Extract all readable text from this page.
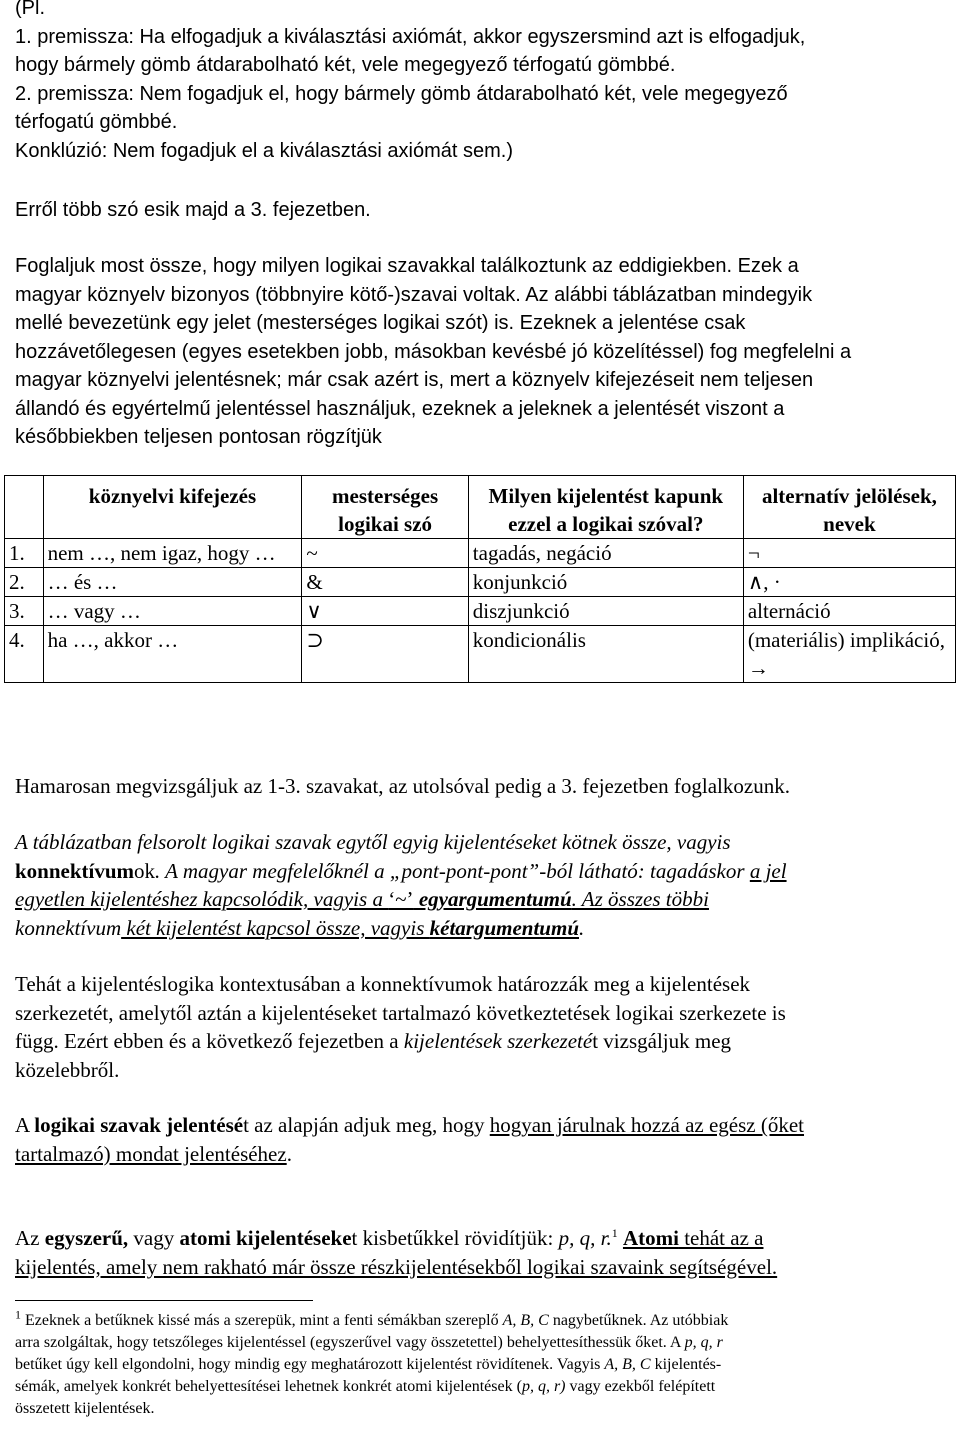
(Pl.
1. premissza: Ha elfogadjuk a kiválasztási axiómát, akkor egyszersmind azt is elfogadjuk,
hogy bármely gömb átdarabolható két, vele megegyező térfogatú gömbbé.
2. premissza: Nem fogadjuk el, hogy bármely gömb átdarabolható két, vele megegyező
térfogatú gömbbé.
Konklúzió: Nem fogadjuk el a kiválasztási axiómát sem.)
Erről több szó esik majd a 3. fejezetben.
Foglaljuk most össze, hogy milyen logikai szavakkal találkoztunk az eddigiekben. Ezek a
magyar köznyelv bizonyos (többnyire kötő-)szavai voltak. Az alábbi táblázatban mindegyik
mellé bevezetünk egy jelet (mesterséges logikai szót) is. Ezeknek a jelentése csak
hozzávetőlegesen (egyes esetekben jobb, másokban kevésbé jó közelítéssel) fog megfelelni a
magyar köznyelvi jelentésnek; már csak azért is, mert a köznyelv kifejezéseit nem teljesen
állandó és egyértelmű jelentéssel használjuk, ezeknek a jeleknek a jelentését viszont a
későbbiekben teljesen pontosan rögzítjük
	köznyelvi kifejezés	mesterséges logikai szó	Milyen kijelentést kapunk ezzel a logikai szóval?	alternatív jelölések, nevek
1.	nem …, nem igaz, hogy …	~	tagadás, negáció	¬
2.	… és …	&	konjunkció	∧, ·
3.	… vagy …	∨	diszjunkció	alternáció
4.	ha …, akkor …	⊃	kondicionális	(materiális) implikáció, →
Hamarosan megvizsgáljuk az 1-3. szavakat, az utolsóval pedig a 3. fejezetben foglalkozunk.
A táblázatban felsorolt logikai szavak egytől egyig kijelentéseket kötnek össze, vagyis
konnektívumok. A magyar megfelelőknél a „pont-pont-pont”-ból látható: tagadáskor a jel
egyetlen kijelentéshez kapcsolódik, vagyis a ‘~’ egyargumentumú. Az összes többi
konnektívum két kijelentést kapcsol össze, vagyis kétargumentumú.
Tehát a kijelentéslogika kontextusában a konnektívumok határozzák meg a kijelentések
szerkezetét, amelytől aztán a kijelentéseket tartalmazó következtetések logikai szerkezete is
függ. Ezért ebben és a következő fejezetben a kijelentések szerkezetét vizsgáljuk meg
közelebbről.
A logikai szavak jelentését az alapján adjuk meg, hogy hogyan járulnak hozzá az egész (őket
tartalmazó) mondat jelentéséhez.
Az egyszerű, vagy atomi kijelentéseket kisbetűkkel rövidítjük: p, q, r.$^1$ Atomi tehát az a
kijelentés, amely nem rakható már össze részkijelentésekből logikai szavaink segítségével.
$^1$ Ezeknek a betűknek kissé más a szerepük, mint a fenti sémákban szereplő A, B, C nagybetűknek. Az utóbbiak
arra szolgáltak, hogy tetszőleges kijelentéssel (egyszerűvel vagy összetettel) behelyettesíthessük őket. A p, q, r
betűket úgy kell elgondolni, hogy mindig egy meghatározott kijelentést rövidítenek. Vagyis A, B, C kijelentés-
sémák, amelyek konkrét behelyettesítései lehetnek konkrét atomi kijelentések (p, q, r) vagy ezekből felépített
összetett kijelentések.
